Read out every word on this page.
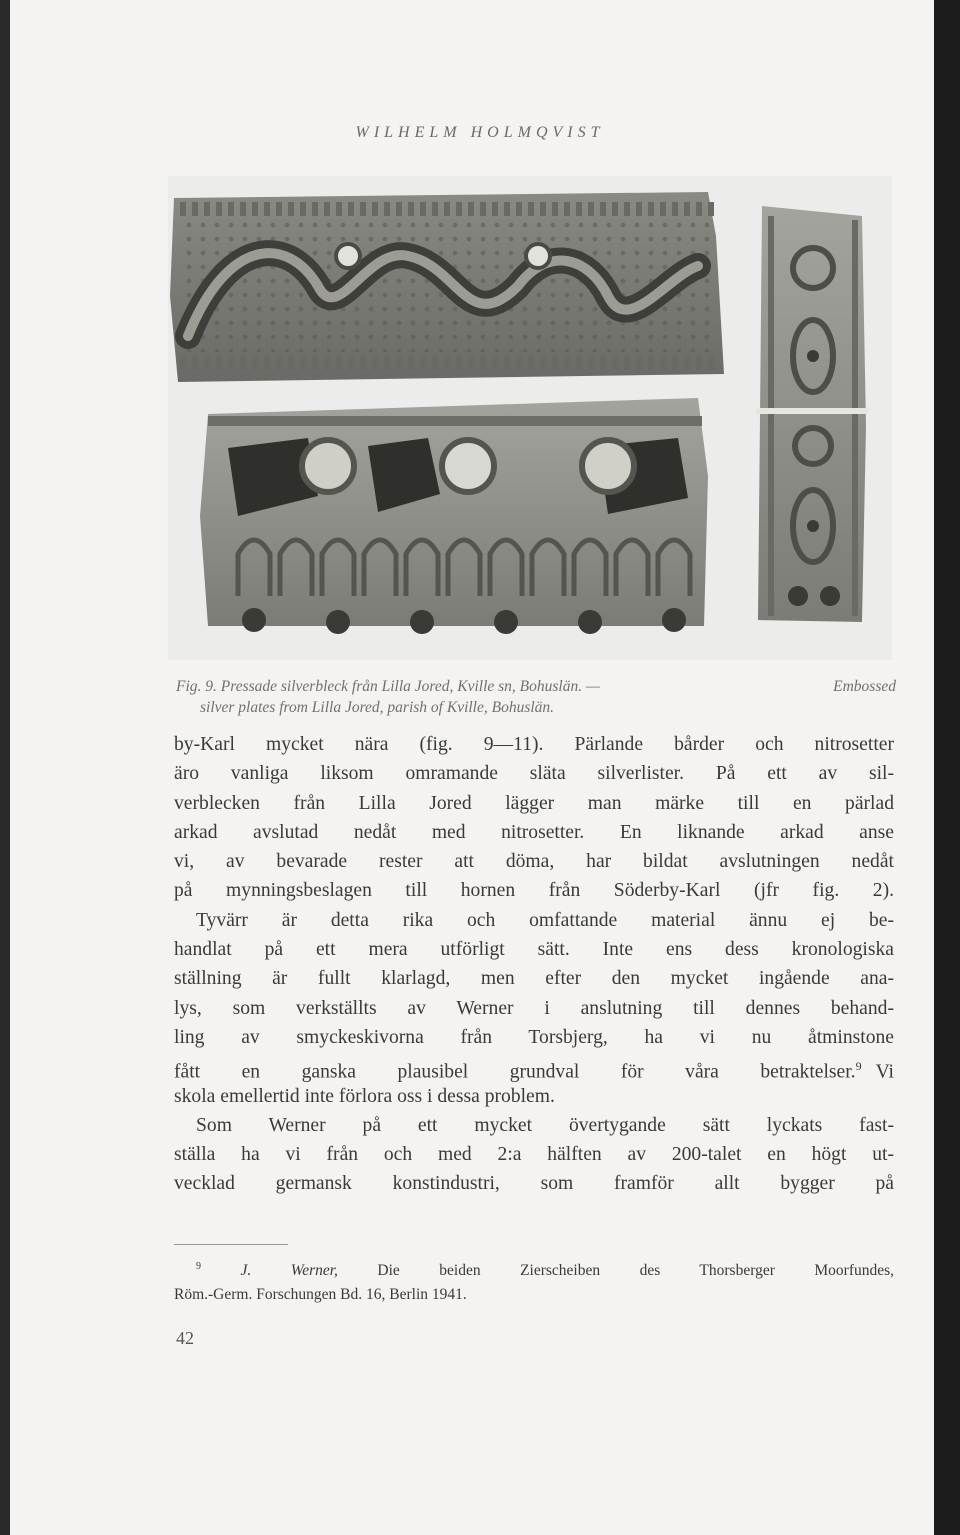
WILHELM HOLMQVIST
Fig. 9. Pressade silverbleck från Lilla Jored, Kville sn, Bohuslän. —	Embossed
silver plates from Lilla Jored, parish of Kville, Bohuslän.
by-Karl mycket nära (fig. 9—11). Pärlande bårder och nitrosetter
äro vanliga liksom omramande släta silverlister. På ett av sil-
verblecken från Lilla Jored lägger man märke till en pärlad
arkad avslutad nedåt med nitrosetter. En liknande arkad anse
vi, av bevarade rester att döma, har bildat avslutningen nedåt
på mynningsbeslagen till hornen från Söderby-Karl (jfr fig. 2).
Tyvärr är detta rika och omfattande material ännu ej be-
handlat på ett mera utförligt sätt. Inte ens dess kronologiska
ställning är fullt klarlagd, men efter den mycket ingående ana-
lys, som verkställts av Werner i anslutning till dennes behand-
ling av smyckeskivorna från Torsbjerg, ha vi nu åtminstone
fått en ganska plausibel grundval för våra betraktelser.$^9$ Vi
skola emellertid inte förlora oss i dessa problem.
Som Werner på ett mycket övertygande sätt lyckats fast-
ställa ha vi från och med 2:a hälften av 200-talet en högt ut-
vecklad germansk konstindustri, som framför allt bygger på
$^9$	J. Werner,	Die beiden Zierscheiben des Thorsberger Moorfundes,
Röm.-Germ. Forschungen Bd. 16, Berlin 1941.
42
